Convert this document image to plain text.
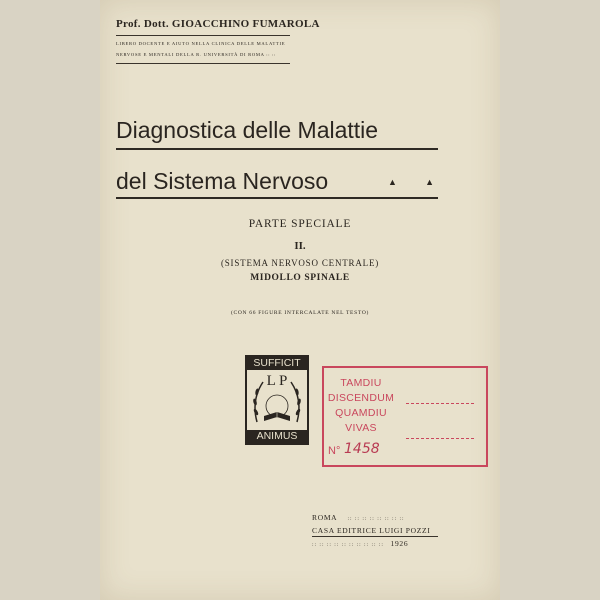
Prof. Dott. GIOACCHINO FUMAROLA
LIBERO DOCENTE E AIUTO NELLA CLINICA DELLE MALATTIE
NERVOSE E MENTALI DELLA R. UNIVERSITÀ DI ROMA :: ::
Diagnostica delle Malattie
del Sistema Nervoso	▲ ▲
PARTE SPECIALE
II.
(SISTEMA NERVOSO CENTRALE)
MIDOLLO SPINALE
(CON 66 FIGURE INTERCALATE NEL TESTO)
SUFFICIT
L P
ANIMUS
TAMDIU
DISCENDUM
QUAMDIU
VIVAS
N° 1458
ROMA :: :: :: :: :: :: :: ::
CASA EDITRICE LUIGI POZZI
:: :: :: :: :: :: :: :: :: :: 1926
